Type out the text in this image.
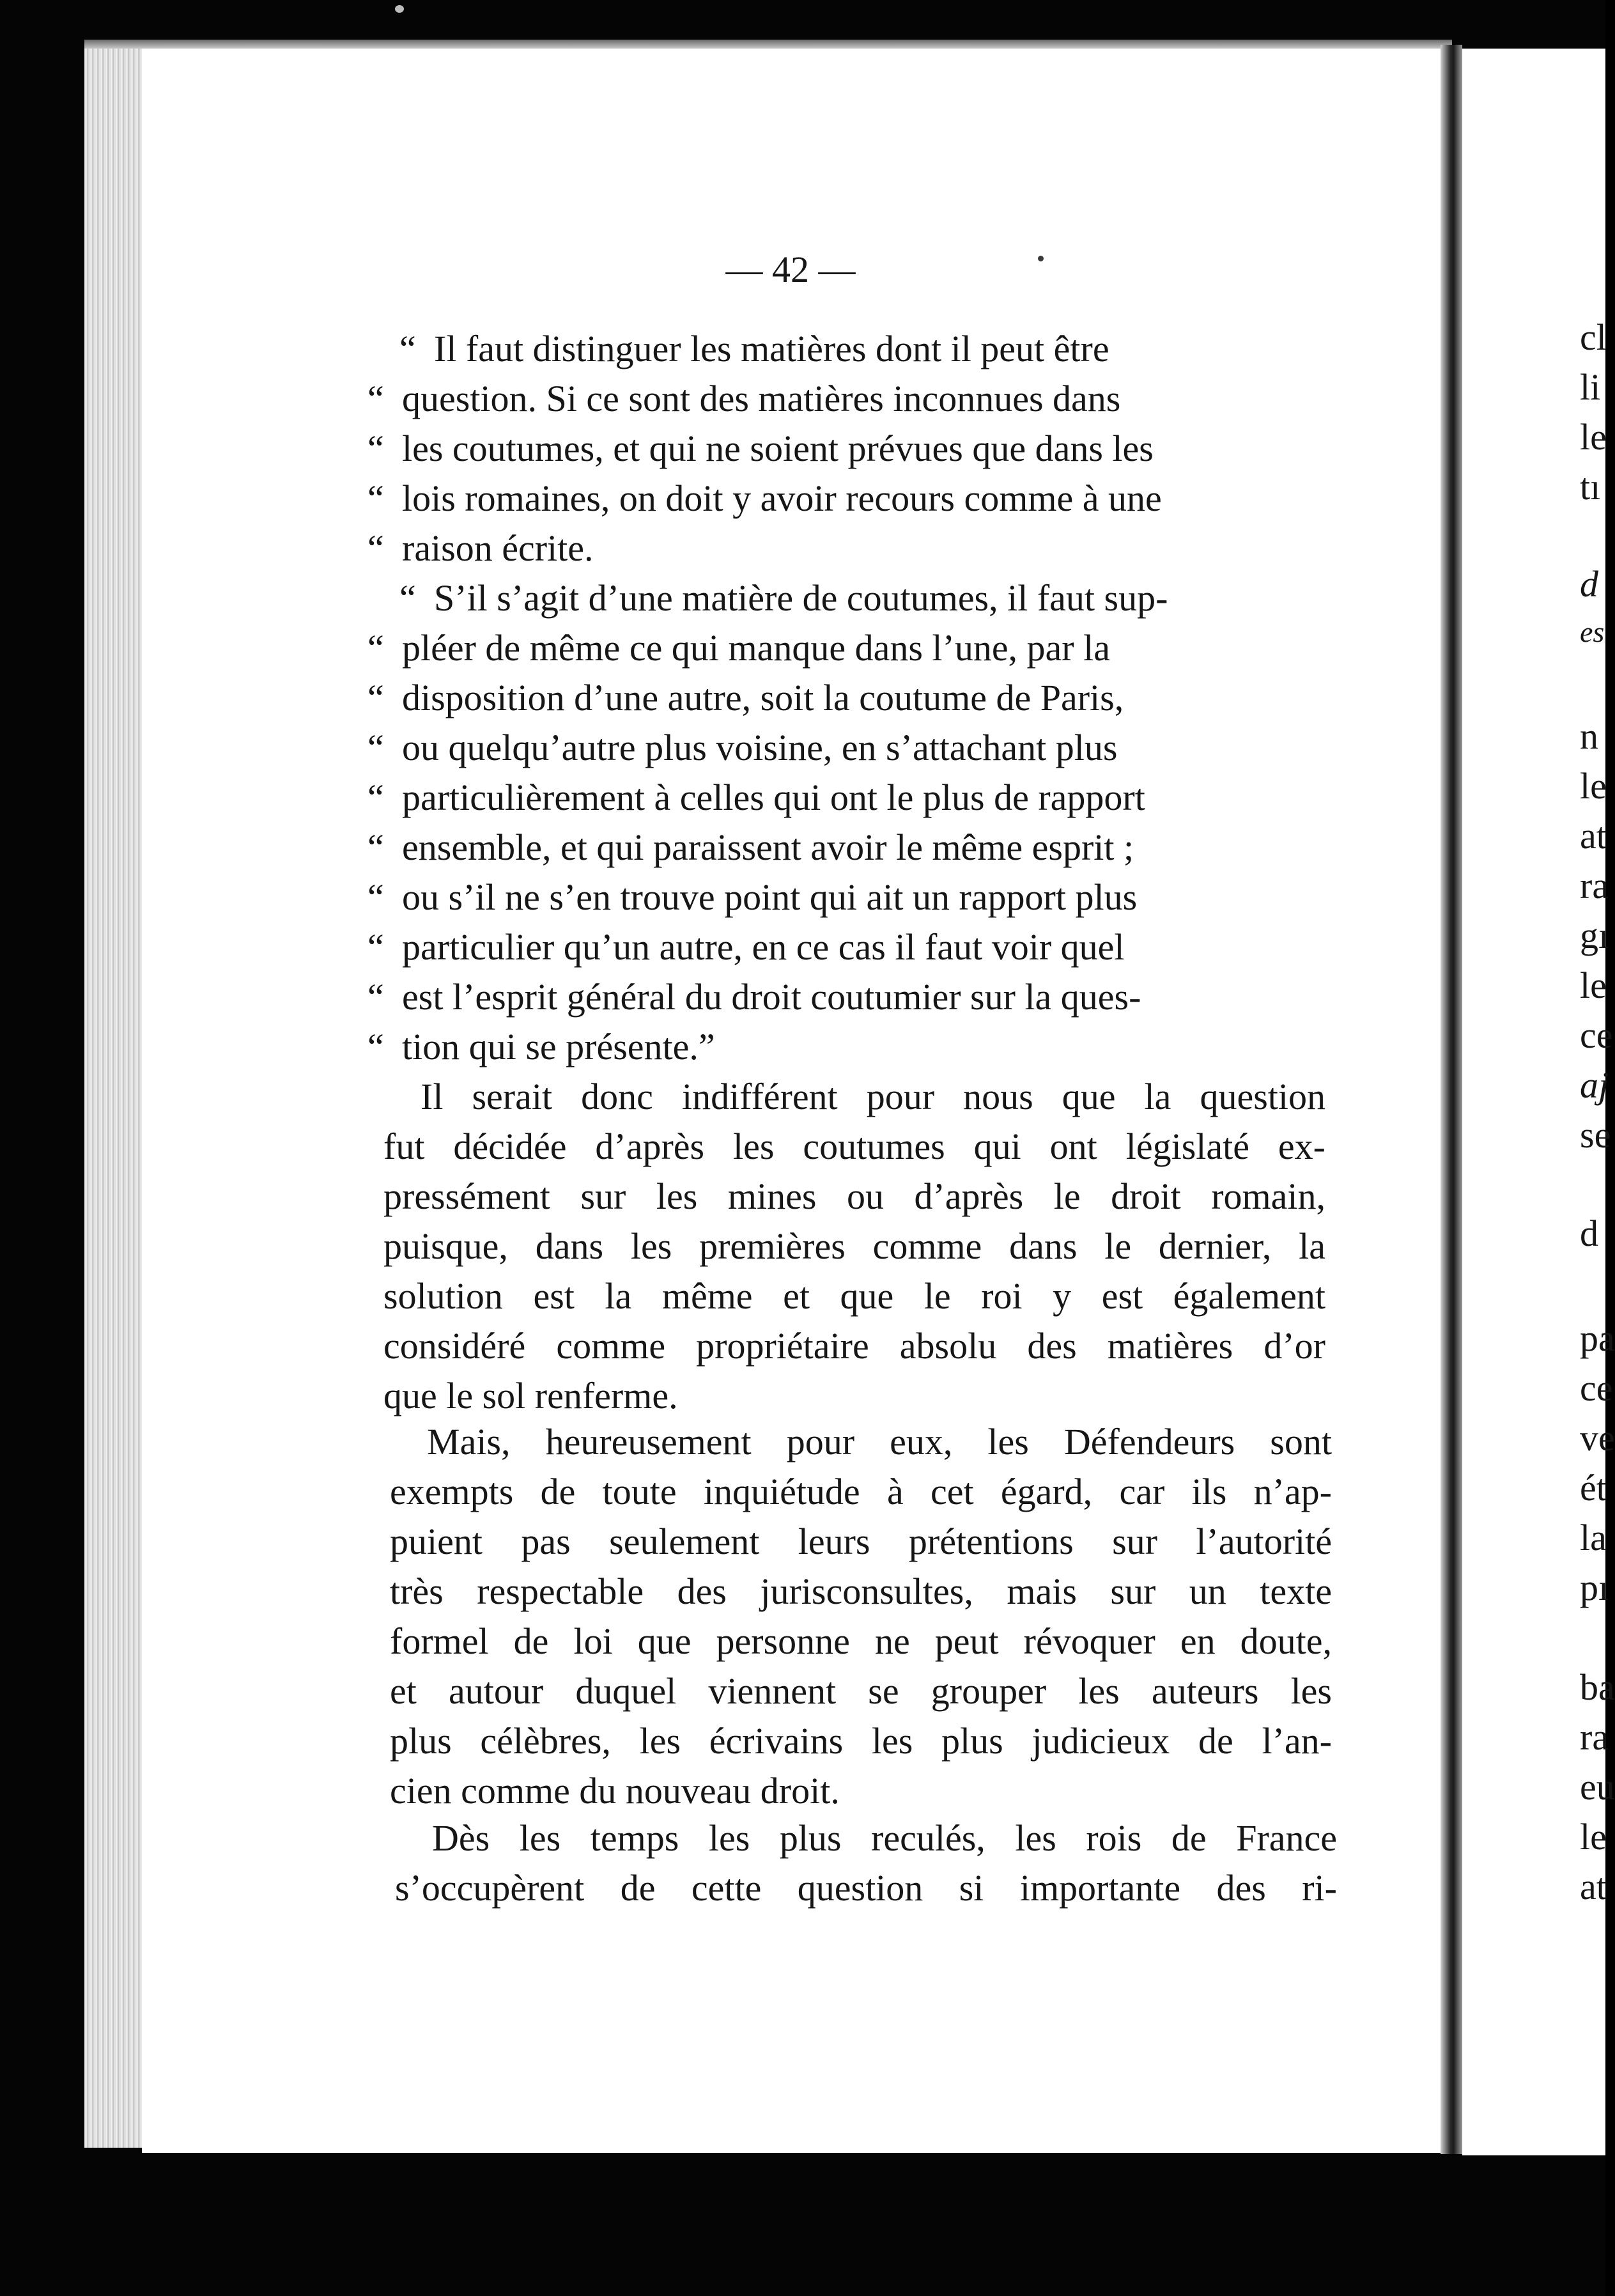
— 42 —
“ Il faut distinguer les matières dont il peut être
“ question. Si ce sont des matières inconnues dans
“ les coutumes, et qui ne soient prévues que dans les
“ lois romaines, on doit y avoir recours comme à une
“ raison écrite.
“ S’il s’agit d’une matière de coutumes, il faut sup-
“ pléer de même ce qui manque dans l’une, par la
“ disposition d’une autre, soit la coutume de Paris,
“ ou quelqu’autre plus voisine, en s’attachant plus
“ particulièrement à celles qui ont le plus de rapport
“ ensemble, et qui paraissent avoir le même esprit ;
“ ou s’il ne s’en trouve point qui ait un rapport plus
“ particulier qu’un autre, en ce cas il faut voir quel
“ est l’esprit général du droit coutumier sur la ques-
“ tion qui se présente.”
Il serait donc indifférent pour nous que la question
fut décidée d’après les coutumes qui ont législaté ex-
pressément sur les mines ou d’après le droit romain,
puisque, dans les premières comme dans le dernier, la
solution est la même et que le roi y est également
considéré comme propriétaire absolu des matières d’or
que le sol renferme.
Mais, heureusement pour eux, les Défendeurs sont
exempts de toute inquiétude à cet égard, car ils n’ap-
puient pas seulement leurs prétentions sur l’autorité
très respectable des jurisconsultes, mais sur un texte
formel de loi que personne ne peut révoquer en doute,
et autour duquel viennent se grouper les auteurs les
plus célèbres, les écrivains les plus judicieux de l’an-
cien comme du nouveau droit.
Dès les temps les plus reculés, les rois de France
s’occupèrent de cette question si importante des ri-
cl
li
le
tı
d
es
n
le
at
ra
gı
le
ce
aj
se
d
pa
ce
ve
ét
la
pı
ba
ra
eu
le
at
